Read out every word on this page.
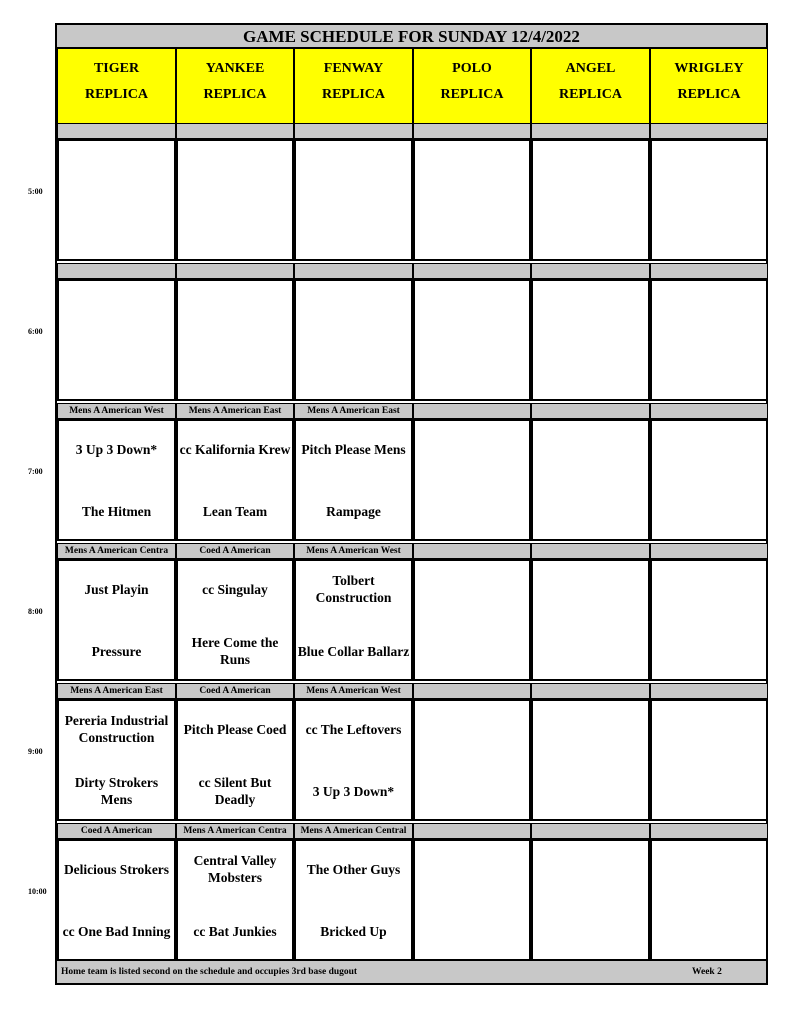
5:00
6:00
7:00
8:00
9:00
10:00
GAME SCHEDULE FOR SUNDAY 12/4/2022
TIGER
REPLICA
YANKEE
REPLICA
FENWAY
REPLICA
POLO
REPLICA
ANGEL
REPLICA
WRIGLEY
REPLICA
Mens A American West
3 Up 3 Down*
The Hitmen
Mens A American East
cc Kalifornia Krew
Lean Team
Mens A American East
Pitch Please Mens
Rampage
Mens A American Centra
Just Playin
Pressure
Coed A American
cc Singulay
Here Come the Runs
Mens A American West
Tolbert Construction
Blue Collar Ballarz
Mens A American East
Pereria Industrial Construction
Dirty Strokers Mens
Coed A American
Pitch Please Coed
cc Silent But Deadly
Mens A American West
cc The Leftovers
3 Up 3 Down*
Coed A American
Delicious Strokers
cc One Bad Inning
Mens A American Centra
Central Valley Mobsters
cc Bat Junkies
Mens A American Central
The Other Guys
Bricked Up
Home team is listed second on the schedule and occupies 3rd base dugout	Week 2
